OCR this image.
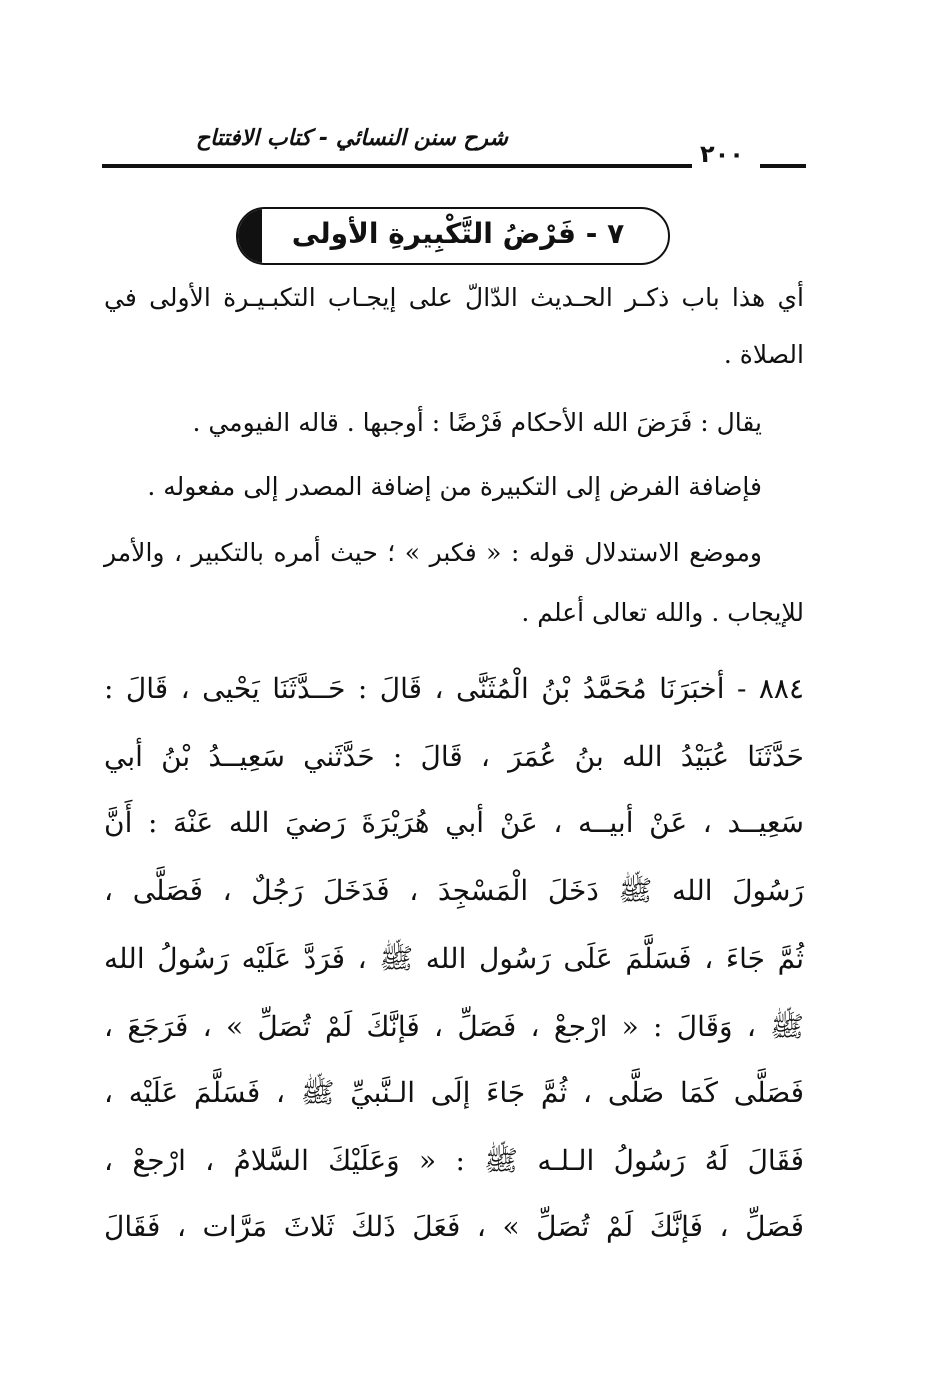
شرح سنن النسائي - كتاب الافتتاح
٢٠٠
٧ - فَرْضُ التَّكْبِيرةِ الأولى
أي هذا باب ذكـر الحـديث الدّالّ على إيجـاب التكبـيـرة الأولى في
الصلاة .
يقال : فَرَضَ الله الأحكام فَرْضًا : أوجبها . قاله الفيومي .
فإضافة الفرض إلى التكبيرة من إضافة المصدر إلى مفعوله .
وموضع الاستدلال قوله : « فكبر » ؛ حيث أمره بالتكبير ، والأمر
للإيجاب . والله تعالى أعلم .
٨٨٤ - أخبَرَنَا مُحَمَّدُ بْنُ الْمُثَنَّى ، قَالَ : حَــدَّثَنَا يَحْيى ، قَالَ :
حَدَّثَنَا عُبَيْدُ الله بنُ عُمَرَ ، قَالَ : حَدَّثَني سَعِيــدُ بْنُ أبي
سَعِيــد ، عَنْ أبيــه ، عَنْ أبي هُرَيْرَةَ رَضيَ الله عَنْهَ : أَنَّ
رَسُولَ الله ﷺ دَخَلَ الْمَسْجِدَ ، فَدَخَلَ رَجُلٌ ، فَصَلَّى ،
ثُمَّ جَاءَ ، فَسَلَّمَ عَلَى رَسُول الله ﷺ ، فَرَدَّ عَلَيْه رَسُولُ الله
ﷺ ، وَقَالَ : « ارْجعْ ، فَصَلِّ ، فَإنَّكَ لَمْ تُصَلِّ » ، فَرَجَعَ ،
فَصَلَّى كَمَا صَلَّى ، ثُمَّ جَاءَ إلَى الـنَّبيِّ ﷺ ، فَسَلَّمَ عَلَيْه ،
فَقَالَ لَهُ رَسُولُ الـلـه ﷺ : « وَعَلَيْكَ السَّلامُ ، ارْجعْ ،
فَصَلِّ ، فَإنَّكَ لَمْ تُصَلِّ » ، فَعَلَ ذَلكَ ثَلاثَ مَرَّات ، فَقَالَ
